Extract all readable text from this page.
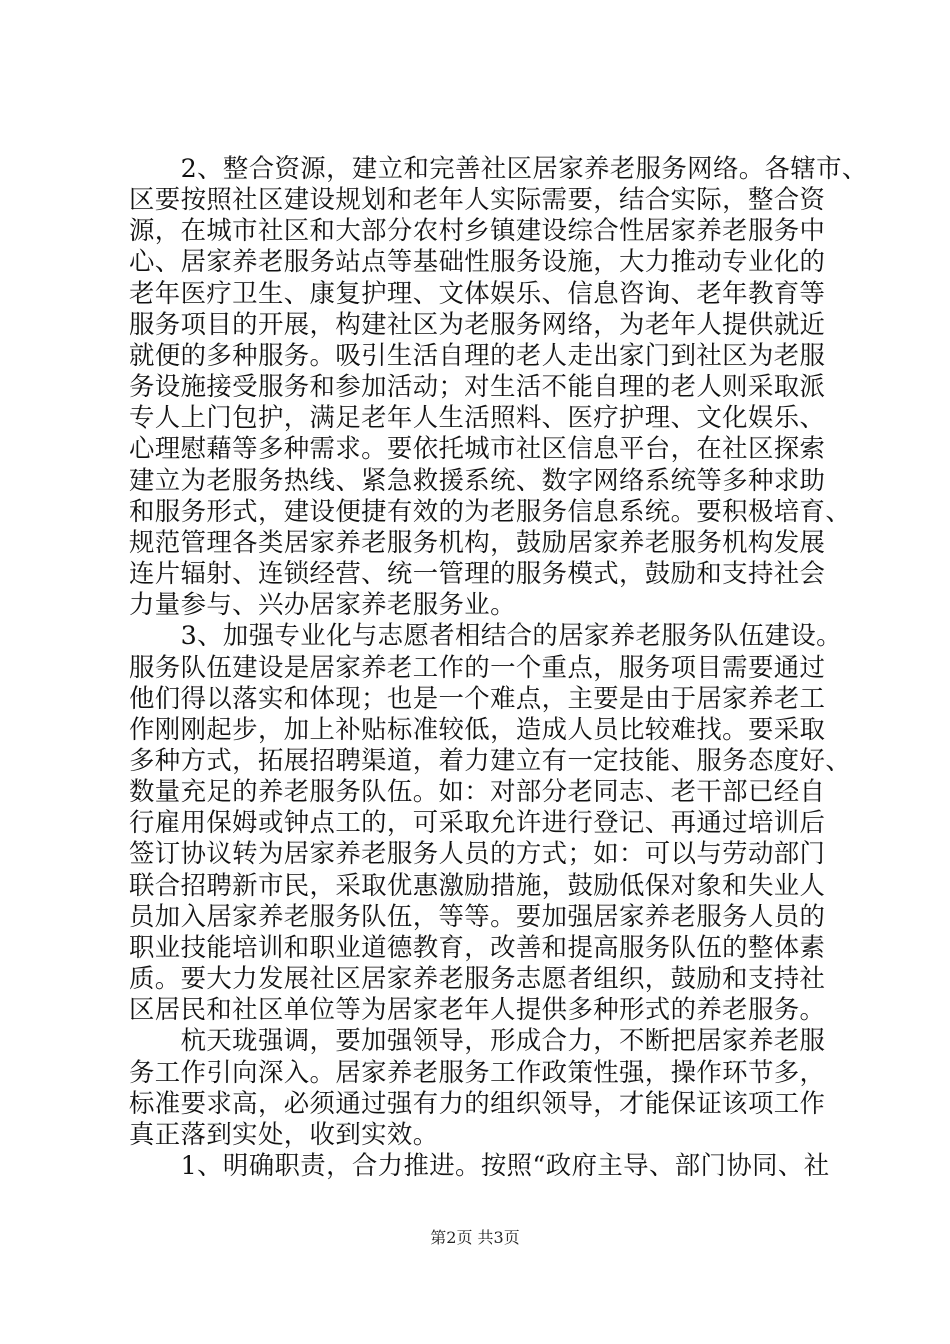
　　2、整合资源，建立和完善社区居家养老服务网络。各辖市、
区要按照社区建设规划和老年人实际需要，结合实际，整合资
源，在城市社区和大部分农村乡镇建设综合性居家养老服务中
心、居家养老服务站点等基础性服务设施，大力推动专业化的
老年医疗卫生、康复护理、文体娱乐、信息咨询、老年教育等
服务项目的开展，构建社区为老服务网络，为老年人提供就近
就便的多种服务。吸引生活自理的老人走出家门到社区为老服
务设施接受服务和参加活动；对生活不能自理的老人则采取派
专人上门包护，满足老年人生活照料、医疗护理、文化娱乐、
心理慰藉等多种需求。要依托城市社区信息平台，在社区探索
建立为老服务热线、紧急救援系统、数字网络系统等多种求助
和服务形式，建设便捷有效的为老服务信息系统。要积极培育、
规范管理各类居家养老服务机构，鼓励居家养老服务机构发展
连片辐射、连锁经营、统一管理的服务模式，鼓励和支持社会
力量参与、兴办居家养老服务业。
　　3、加强专业化与志愿者相结合的居家养老服务队伍建设。
服务队伍建设是居家养老工作的一个重点，服务项目需要通过
他们得以落实和体现；也是一个难点，主要是由于居家养老工
作刚刚起步，加上补贴标准较低，造成人员比较难找。要采取
多种方式，拓展招聘渠道，着力建立有一定技能、服务态度好、
数量充足的养老服务队伍。如：对部分老同志、老干部已经自
行雇用保姆或钟点工的，可采取允许进行登记、再通过培训后
签订协议转为居家养老服务人员的方式；如：可以与劳动部门
联合招聘新市民，采取优惠激励措施，鼓励低保对象和失业人
员加入居家养老服务队伍，等等。要加强居家养老服务人员的
职业技能培训和职业道德教育，改善和提高服务队伍的整体素
质。要大力发展社区居家养老服务志愿者组织，鼓励和支持社
区居民和社区单位等为居家老年人提供多种形式的养老服务。
　　杭天珑强调，要加强领导，形成合力，不断把居家养老服
务工作引向深入。居家养老服务工作政策性强，操作环节多，
标准要求高，必须通过强有力的组织领导，才能保证该项工作
真正落到实处，收到实效。
　　1、明确职责，合力推进。按照“政府主导、部门协同、社
第2页 共3页
